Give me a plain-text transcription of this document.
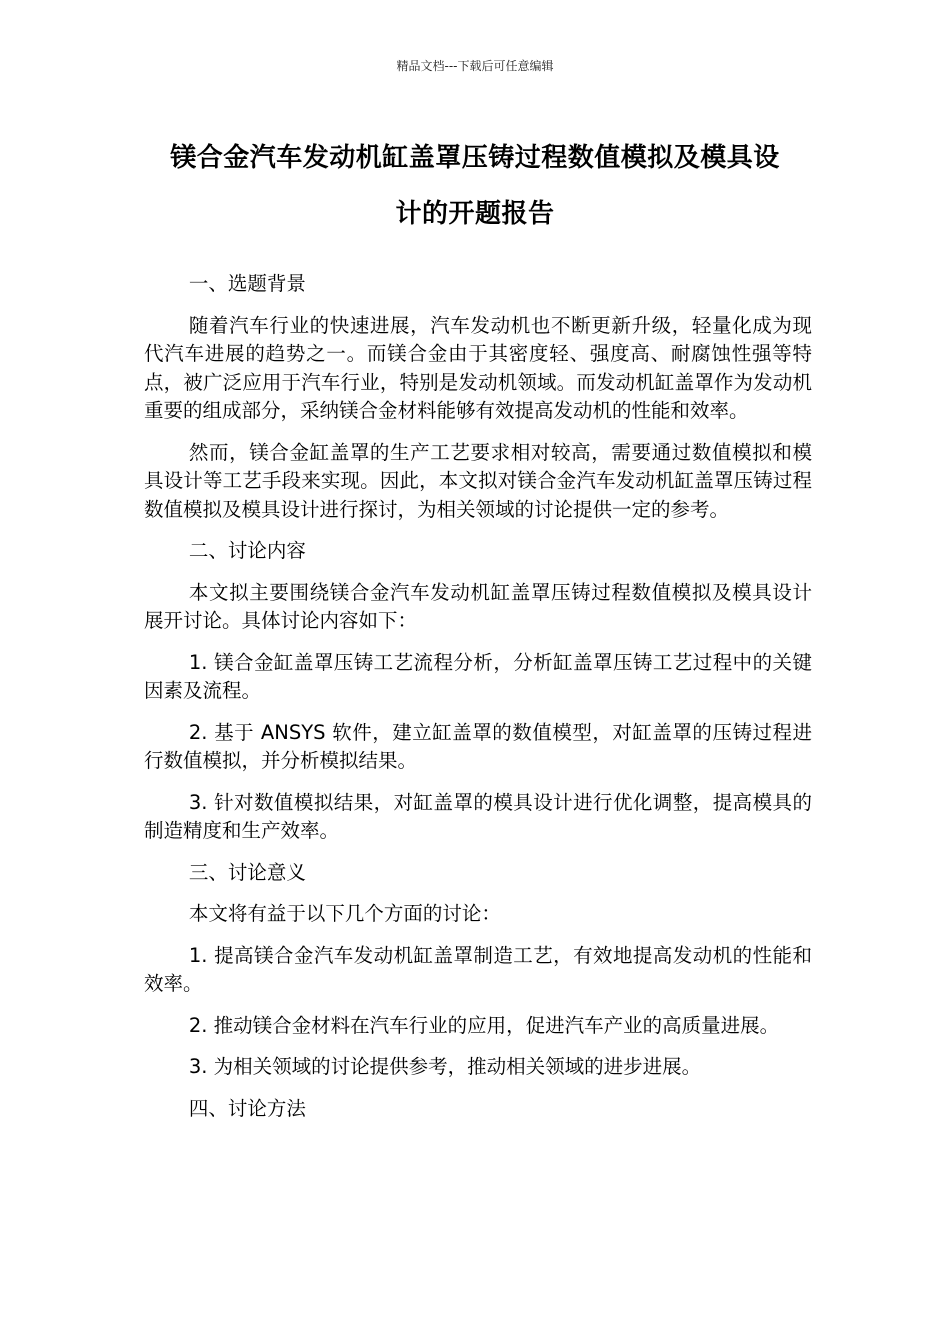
精品文档---下载后可任意编辑
镁合金汽车发动机缸盖罩压铸过程数值模拟及模具设
计的开题报告

一、选题背景

随着汽车行业的快速进展，汽车发动机也不断更新升级，轻量化成为现代汽车进展的趋势之一。而镁合金由于其密度轻、强度高、耐腐蚀性强等特点，被广泛应用于汽车行业，特别是发动机领域。而发动机缸盖罩作为发动机重要的组成部分，采纳镁合金材料能够有效提高发动机的性能和效率。

然而，镁合金缸盖罩的生产工艺要求相对较高，需要通过数值模拟和模具设计等工艺手段来实现。因此，本文拟对镁合金汽车发动机缸盖罩压铸过程数值模拟及模具设计进行探讨，为相关领域的讨论提供一定的参考。

二、讨论内容

本文拟主要围绕镁合金汽车发动机缸盖罩压铸过程数值模拟及模具设计展开讨论。具体讨论内容如下：

1. 镁合金缸盖罩压铸工艺流程分析，分析缸盖罩压铸工艺过程中的关键因素及流程。

2. 基于 ANSYS 软件，建立缸盖罩的数值模型，对缸盖罩的压铸过程进行数值模拟，并分析模拟结果。

3. 针对数值模拟结果，对缸盖罩的模具设计进行优化调整，提高模具的制造精度和生产效率。

三、讨论意义

本文将有益于以下几个方面的讨论：

1. 提高镁合金汽车发动机缸盖罩制造工艺，有效地提高发动机的性能和效率。

2. 推动镁合金材料在汽车行业的应用，促进汽车产业的高质量进展。

3. 为相关领域的讨论提供参考，推动相关领域的进步进展。

四、讨论方法
